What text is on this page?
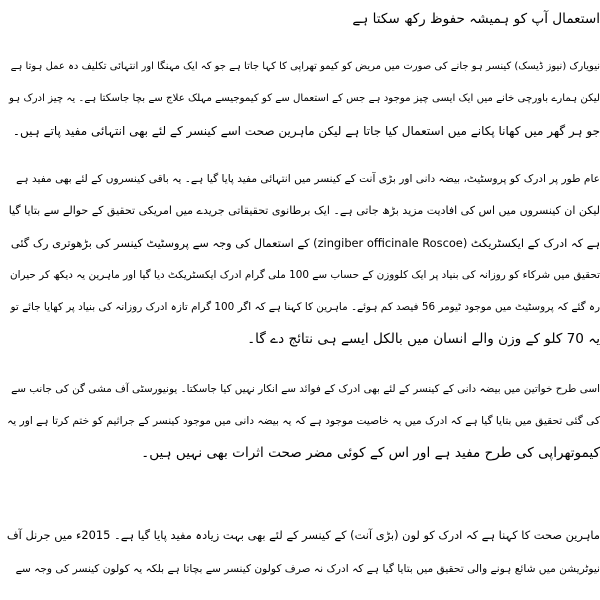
استعمال آپ کو ہمیشہ حفوظ رکھ سکتا ہے
نیویارک (نیوز ڈیسک) کینسر ہو جانے کی صورت میں مریض کو کیمو تھراپی کا کہا جاتا ہے جو کہ ایک مہنگا اور انتہائی تکلیف دہ عمل ہوتا ہے
لیکن ہمارے باورچی خانے میں ایک ایسی چیز موجود ہے جس کے استعمال سے کو کیموجیسے مہلک علاج سے بچا جاسکتا ہے۔ یہ چیز ادرک ہو
جو ہر گھر میں کھانا پکانے میں استعمال کیا جاتا ہے لیکن ماہرین صحت اسے کینسر کے لئے بھی انتہائی مفید پاتے ہیں۔
عام طور پر ادرک کو پروسٹیٹ، بیضہ دانی اور بڑی آنت کے کینسر میں انتہائی مفید پایا گیا ہے۔ یہ باقی کینسروں کے لئے بھی مفید ہے
لیکن ان کینسروں میں اس کی افادیت مزید بڑھ جاتی ہے۔ ایک برطانوی تحقیقاتی جریدے میں امریکی تحقیق کے حوالے سے بتایا گیا
ہے کہ ادرک کے ایکسٹریکٹ (zingiber officinale Roscoe) کے استعمال کی وجہ سے پروسٹیٹ کینسر کی بڑھوتری رک گئی
تحقیق میں شرکاء کو روزانہ کی بنیاد پر ایک کلووزن کے حساب سے 100 ملی گرام ادرک ایکسٹریکٹ دیا گیا اور ماہرین یہ دیکھ کر حیران
رہ گئے کہ پروسٹیٹ میں موجود ٹیومر 56 فیصد کم ہوئے۔ ماہرین کا کہنا ہے کہ اگر 100 گرام تازہ ادرک روزانہ کی بنیاد پر کھایا جائے تو
یہ 70 کلو کے وزن والے انسان میں بالکل ایسے ہی نتائج دے گا۔
اسی طرح خواتین میں بیضہ دانی کے کینسر کے لئے بھی ادرک کے فوائد سے انکار نہیں کیا جاسکتا۔ یونیورسٹی آف مشی گن کی جانب سے
کی گئی تحقیق میں بتایا گیا ہے کہ ادرک میں یہ خاصیت موجود ہے کہ یہ بیضہ دانی میں موجود کینسر کے جراثیم کو ختم کرتا ہے اور یہ
کیموتھراپی کی طرح مفید ہے اور اس کے کوئی مضر صحت اثرات بھی نہیں ہیں۔
ماہرین صحت کا کہنا ہے کہ ادرک کو لون (بڑی آنت) کے کینسر کے لئے بھی بہت زیادہ مفید پایا گیا ہے۔ 2015ء میں جرنل آف
نیوٹریشن میں شائع ہونے والی تحقیق میں بتایا گیا ہے کہ ادرک نہ صرف کولون کینسر سے بچاتا ہے بلکہ یہ کولون کینسر کی وجہ سے
